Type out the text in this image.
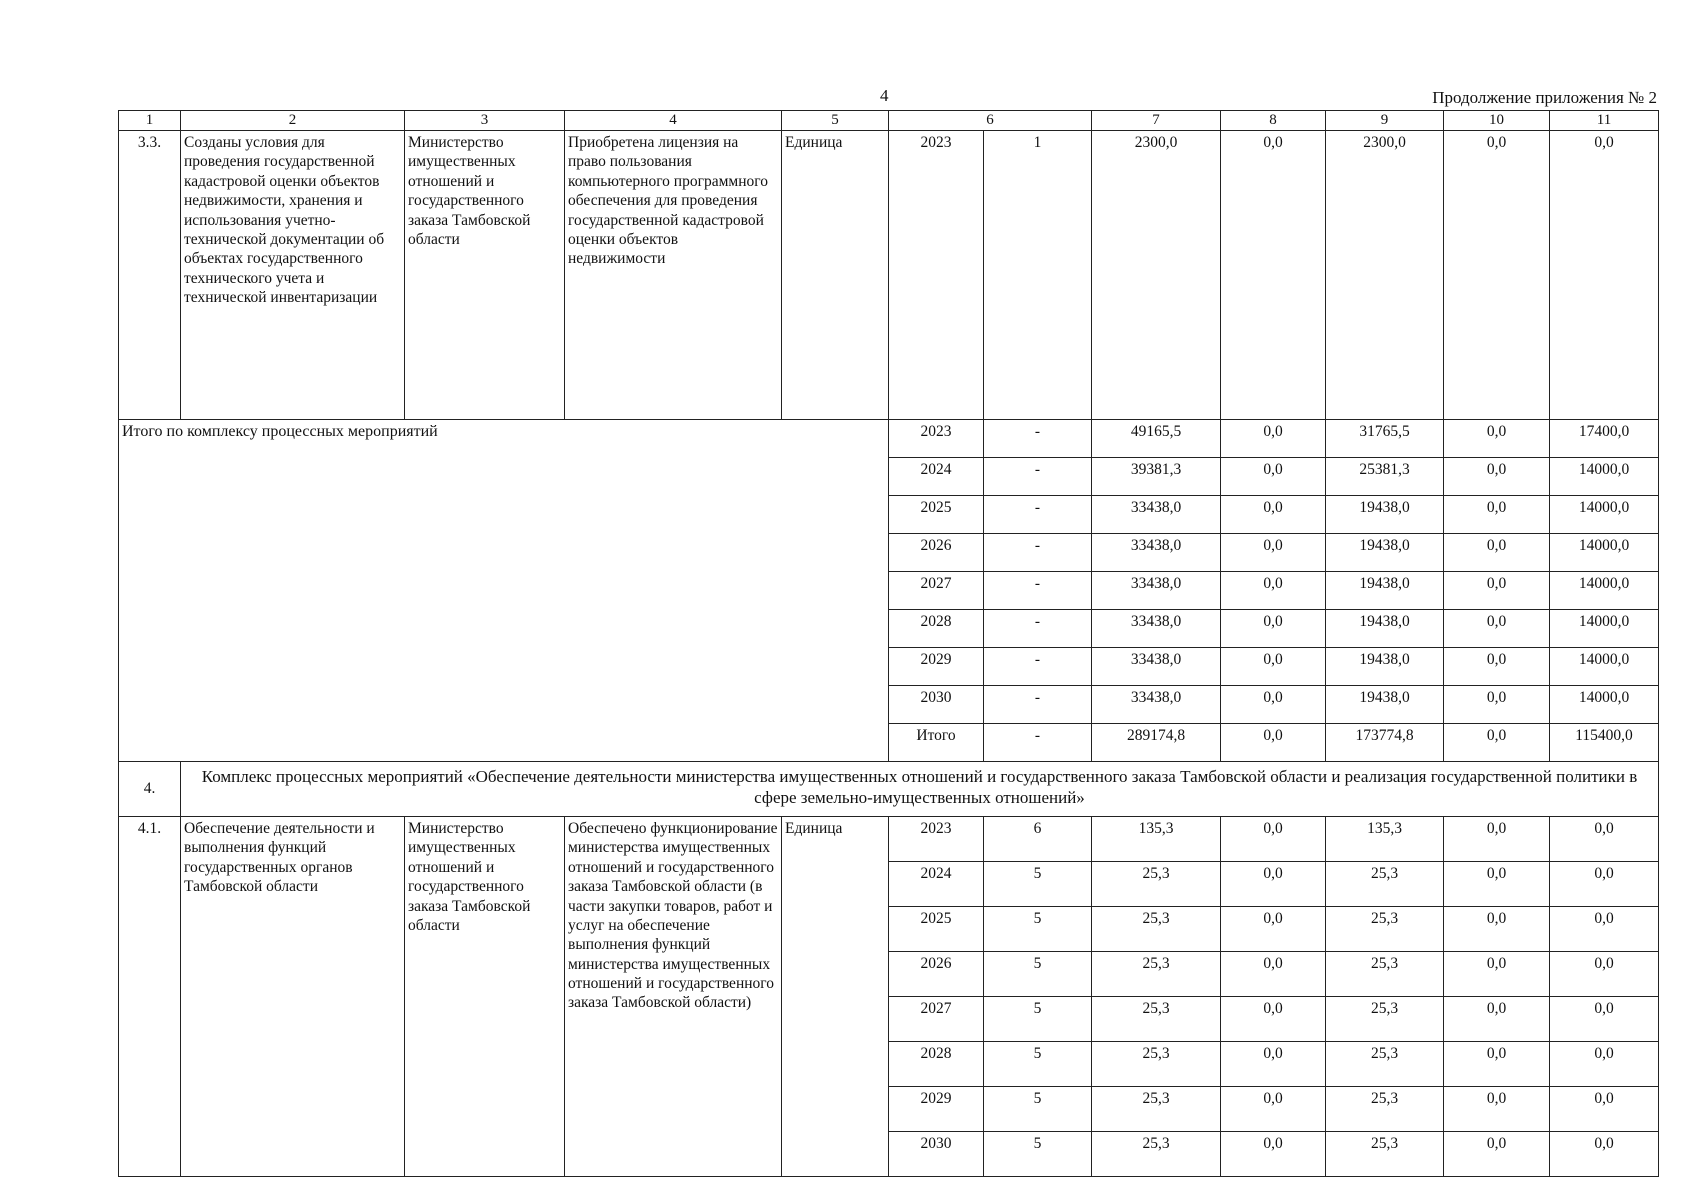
4	Продолжение приложения № 2
1	2	3	4	5	6		7	8	9	10	11
3.3.	Созданы условия для проведения государственной кадастровой оценки объектов недвижимости, хранения и использования учетно-технической документации об объектах государственного технического учета и технической инвентаризации	Министерство имущественных отношений и государственного заказа Тамбовской области	Приобретена лицензия на право пользования компьютерного программного обеспечения для проведения государственной кадастровой оценки объектов недвижимости	Единица	2023	1	2300,0	0,0	2300,0	0,0	0,0
Итого по комплексу процессных мероприятий					2023	-	49165,5	0,0	31765,5	0,0	17400,0
					2024	-	39381,3	0,0	25381,3	0,0	14000,0
					2025	-	33438,0	0,0	19438,0	0,0	14000,0
					2026	-	33438,0	0,0	19438,0	0,0	14000,0
					2027	-	33438,0	0,0	19438,0	0,0	14000,0
					2028	-	33438,0	0,0	19438,0	0,0	14000,0
					2029	-	33438,0	0,0	19438,0	0,0	14000,0
					2030	-	33438,0	0,0	19438,0	0,0	14000,0
					Итого	-	289174,8	0,0	173774,8	0,0	115400,0
4.	Комплекс процессных мероприятий «Обеспечение деятельности министерства имущественных отношений и государственного заказа Тамбовской области и реализация государственной политики в сфере земельно-имущественных отношений»										
4.1.	Обеспечение деятельности и выполнения функций государственных органов Тамбовской области	Министерство имущественных отношений и государственного заказа Тамбовской области	Обеспечено функционирование министерства имущественных отношений и государственного заказа Тамбовской области (в части закупки товаров, работ и услуг на обеспечение выполнения функций министерства имущественных отношений и государственного заказа Тамбовской области)	Единица	2023	6	135,3	0,0	135,3	0,0	0,0
					2024	5	25,3	0,0	25,3	0,0	0,0
					2025	5	25,3	0,0	25,3	0,0	0,0
					2026	5	25,3	0,0	25,3	0,0	0,0
					2027	5	25,3	0,0	25,3	0,0	0,0
					2028	5	25,3	0,0	25,3	0,0	0,0
					2029	5	25,3	0,0	25,3	0,0	0,0
					2030	5	25,3	0,0	25,3	0,0	0,0
